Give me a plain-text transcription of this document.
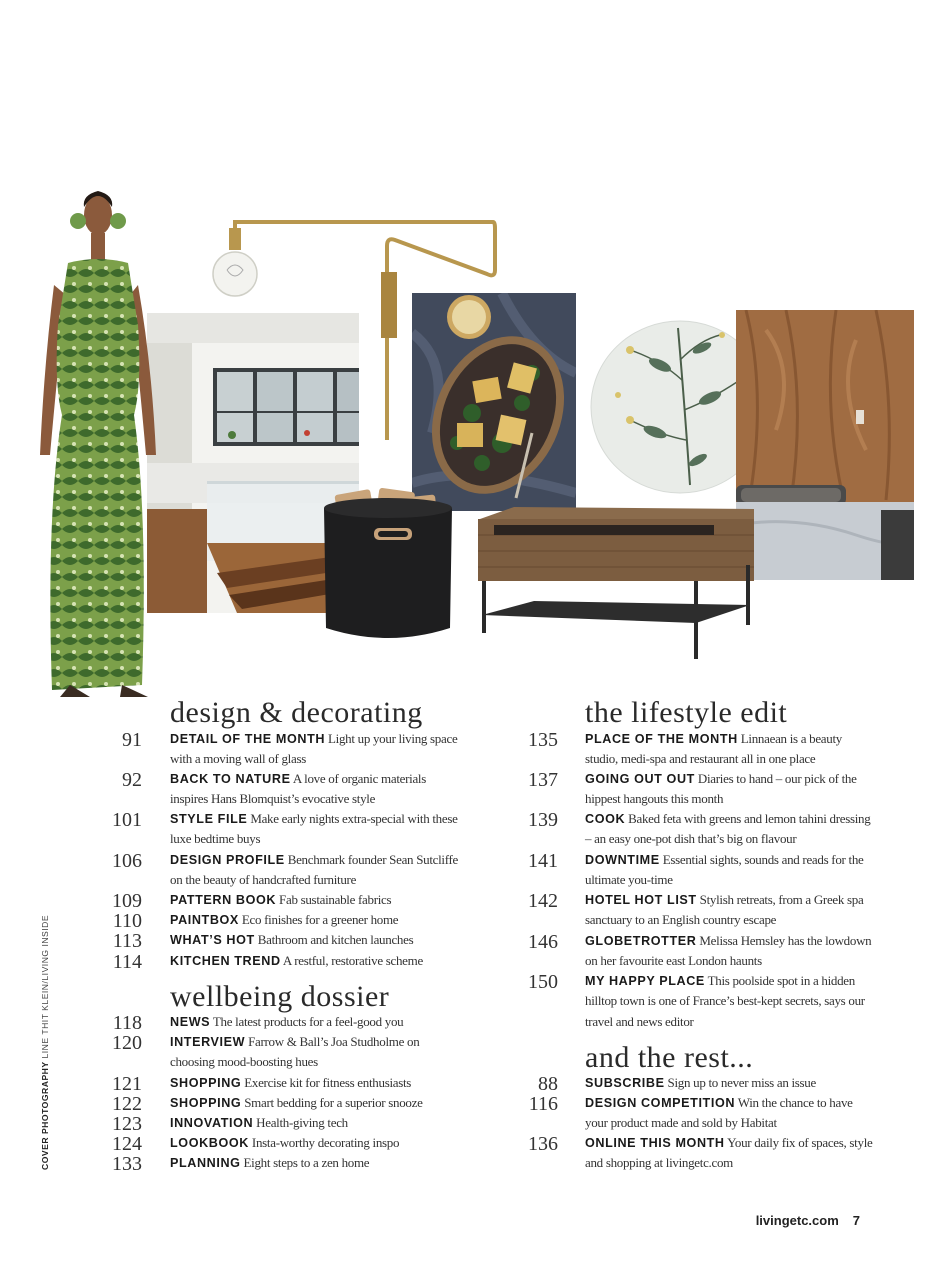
COVER PHOTOGRAPHY LINE THIT KLEIN/LIVING INSIDE
design & decorating
91 DETAIL OF THE MONTH Light up your living space with a moving wall of glass
92 BACK TO NATURE A love of organic materials inspires Hans Blomquist’s evocative style
101 STYLE FILE Make early nights extra-special with these luxe bedtime buys
106 DESIGN PROFILE Benchmark founder Sean Sutcliffe on the beauty of handcrafted furniture
109 PATTERN BOOK Fab sustainable fabrics
110 PAINTBOX Eco finishes for a greener home
113 WHAT’S HOT Bathroom and kitchen launches
114 KITCHEN TREND A restful, restorative scheme
wellbeing dossier
118 NEWS The latest products for a feel-good you
120 INTERVIEW Farrow & Ball’s Joa Studholme on choosing mood-boosting hues
121 SHOPPING Exercise kit for fitness enthusiasts
122 SHOPPING Smart bedding for a superior snooze
123 INNOVATION Health-giving tech
124 LOOKBOOK Insta-worthy decorating inspo
133 PLANNING Eight steps to a zen home
the lifestyle edit
135 PLACE OF THE MONTH Linnaean is a beauty studio, medi-spa and restaurant all in one place
137 GOING OUT OUT Diaries to hand – our pick of the hippest hangouts this month
139 COOK Baked feta with greens and lemon tahini dressing – an easy one-pot dish that’s big on flavour
141 DOWNTIME Essential sights, sounds and reads for the ultimate you-time
142 HOTEL HOT LIST Stylish retreats, from a Greek spa sanctuary to an English country escape
146 GLOBETROTTER Melissa Hemsley has the lowdown on her favourite east London haunts
150 MY HAPPY PLACE This poolside spot in a hidden hilltop town is one of France’s best-kept secrets, says our travel and news editor
and the rest...
88 SUBSCRIBE Sign up to never miss an issue
116 DESIGN COMPETITION Win the chance to have your product made and sold by Habitat
136 ONLINE THIS MONTH Your daily fix of spaces, style and shopping at livingetc.com
livingetc.com 7
